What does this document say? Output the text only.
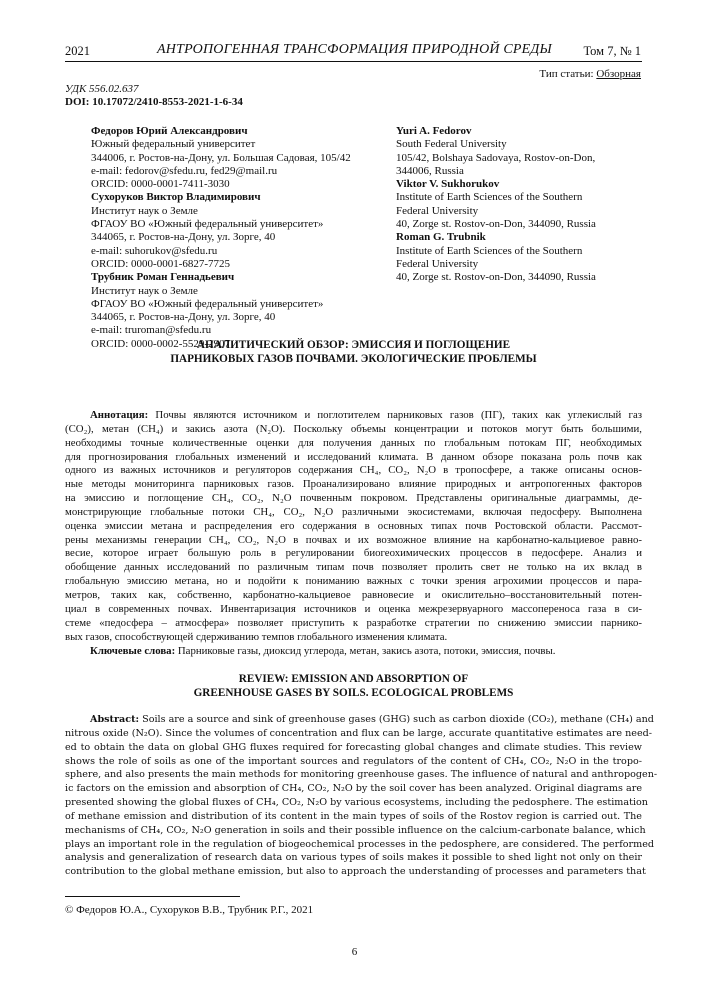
2021	АНТРОПОГЕННАЯ ТРАНСФОРМАЦИЯ ПРИРОДНОЙ СРЕДЫ	Том 7, № 1
Тип статьи: Обзорная
УДК 556.02.637
DOI: 10.17072/2410-8553-2021-1-6-34
Федоров Юрий Александрович
Южный федеральный университет
344006, г. Ростов-на-Дону, ул. Большая Садовая, 105/42
e-mail: fedorov@sfedu.ru, fed29@mail.ru
ORCID: 0000-0001-7411-3030
Сухоруков Виктор Владимирович
Институт наук о Земле
ФГАОУ ВО «Южный федеральный университет»
344065, г. Ростов-на-Дону, ул. Зорге, 40
e-mail: suhorukov@sfedu.ru
ORCID: 0000-0001-6827-7725
Трубник Роман Геннадьевич
Институт наук о Земле
ФГАОУ ВО «Южный федеральный университет»
344065, г. Ростов-на-Дону, ул. Зорге, 40
e-mail: truroman@sfedu.ru
ORCID: 0000-0002-5529-2907
Yuri A. Fedorov
South Federal University
105/42, Bolshaya Sadovaya, Rostov-on-Don,
344006, Russia
Viktor V. Sukhorukov
Institute of Earth Sciences of the Southern
Federal University
40, Zorge st. Rostov-on-Don, 344090, Russia
Roman G. Trubnik
Institute of Earth Sciences of the Southern
Federal University
40, Zorge st. Rostov-on-Don, 344090, Russia
АНАЛИТИЧЕСКИЙ ОБЗОР: ЭМИССИЯ И ПОГЛОЩЕНИЕ
ПАРНИКОВЫХ ГАЗОВ ПОЧВАМИ. ЭКОЛОГИЧЕСКИЕ ПРОБЛЕМЫ
Аннотация: Почвы являются источником и поглотителем парниковых газов (ПГ), таких как углекислый газ
(CO₂), метан (CH₄) и закись азота (N₂O). Поскольку объемы концентрации и потоков могут быть большими,
необходимы точные количественные оценки для получения данных по глобальным потокам ПГ, необходимых
для прогнозирования глобальных изменений и исследований климата. В данном обзоре показана роль почв как
одного из важных источников и регуляторов содержания CH₄, CO₂, N₂O в тропосфере, а также описаны основ-
ные методы мониторинга парниковых газов. Проанализировано влияние природных и антропогенных факторов
на эмиссию и поглощение CH₄, CO₂, N₂O почвенным покровом. Представлены оригинальные диаграммы, де-
монстрирующие глобальные потоки CH₄, CO₂, N₂O различными экосистемами, включая педосферу. Выполнена
оценка эмиссии метана и распределения его содержания в основных типах почв Ростовской области. Рассмот-
рены механизмы генерации CH₄, CO₂, N₂O в почвах и их возможное влияние на карбонатно-кальциевое равно-
весие, которое играет большую роль в регулировании биогеохимических процессов в педосфере. Анализ и
обобщение данных исследований по различным типам почв позволяет пролить свет не только на их вклад в
глобальную эмиссию метана, но и подойти к пониманию важных с точки зрения агрохимии процессов и пара-
метров, таких как, собственно, карбонатно-кальциевое равновесие и окислительно–восстановительный потен-
циал в современных почвах. Инвентаризация источников и оценка межрезервуарного массопереноса газа в си-
стеме «педосфера – атмосфера» позволяет приступить к разработке стратегии по снижению эмиссии парнико-
вых газов, способствующей сдерживанию темпов глобального изменения климата.
Ключевые слова: Парниковые газы, диоксид углерода, метан, закись азота, потоки, эмиссия, почвы.
REVIEW: EMISSION AND ABSORPTION OF
GREENHOUSE GASES BY SOILS. ECOLOGICAL PROBLEMS
Abstract: Soils are a source and sink of greenhouse gases (GHG) such as carbon dioxide (CO₂), methane (CH₄) and
nitrous oxide (N₂O). Since the volumes of concentration and flux can be large, accurate quantitative estimates are need-
ed to obtain the data on global GHG fluxes required for forecasting global changes and climate studies. This review
shows the role of soils as one of the important sources and regulators of the content of CH₄, CO₂, N₂O in the tropo-
sphere, and also presents the main methods for monitoring greenhouse gases. The influence of natural and anthropogen-
ic factors on the emission and absorption of CH₄, CO₂, N₂O by the soil cover has been analyzed. Original diagrams are
presented showing the global fluxes of CH₄, CO₂, N₂O by various ecosystems, including the pedosphere. The estimation
of methane emission and distribution of its content in the main types of soils of the Rostov region is carried out. The
mechanisms of CH₄, CO₂, N₂O generation in soils and their possible influence on the calcium-carbonate balance, which
plays an important role in the regulation of biogeochemical processes in the pedosphere, are considered. The performed
analysis and generalization of research data on various types of soils makes it possible to shed light not only on their
contribution to the global methane emission, but also to approach the understanding of processes and parameters that
© Федоров Ю.А., Сухоруков В.В., Трубник Р.Г., 2021
6
